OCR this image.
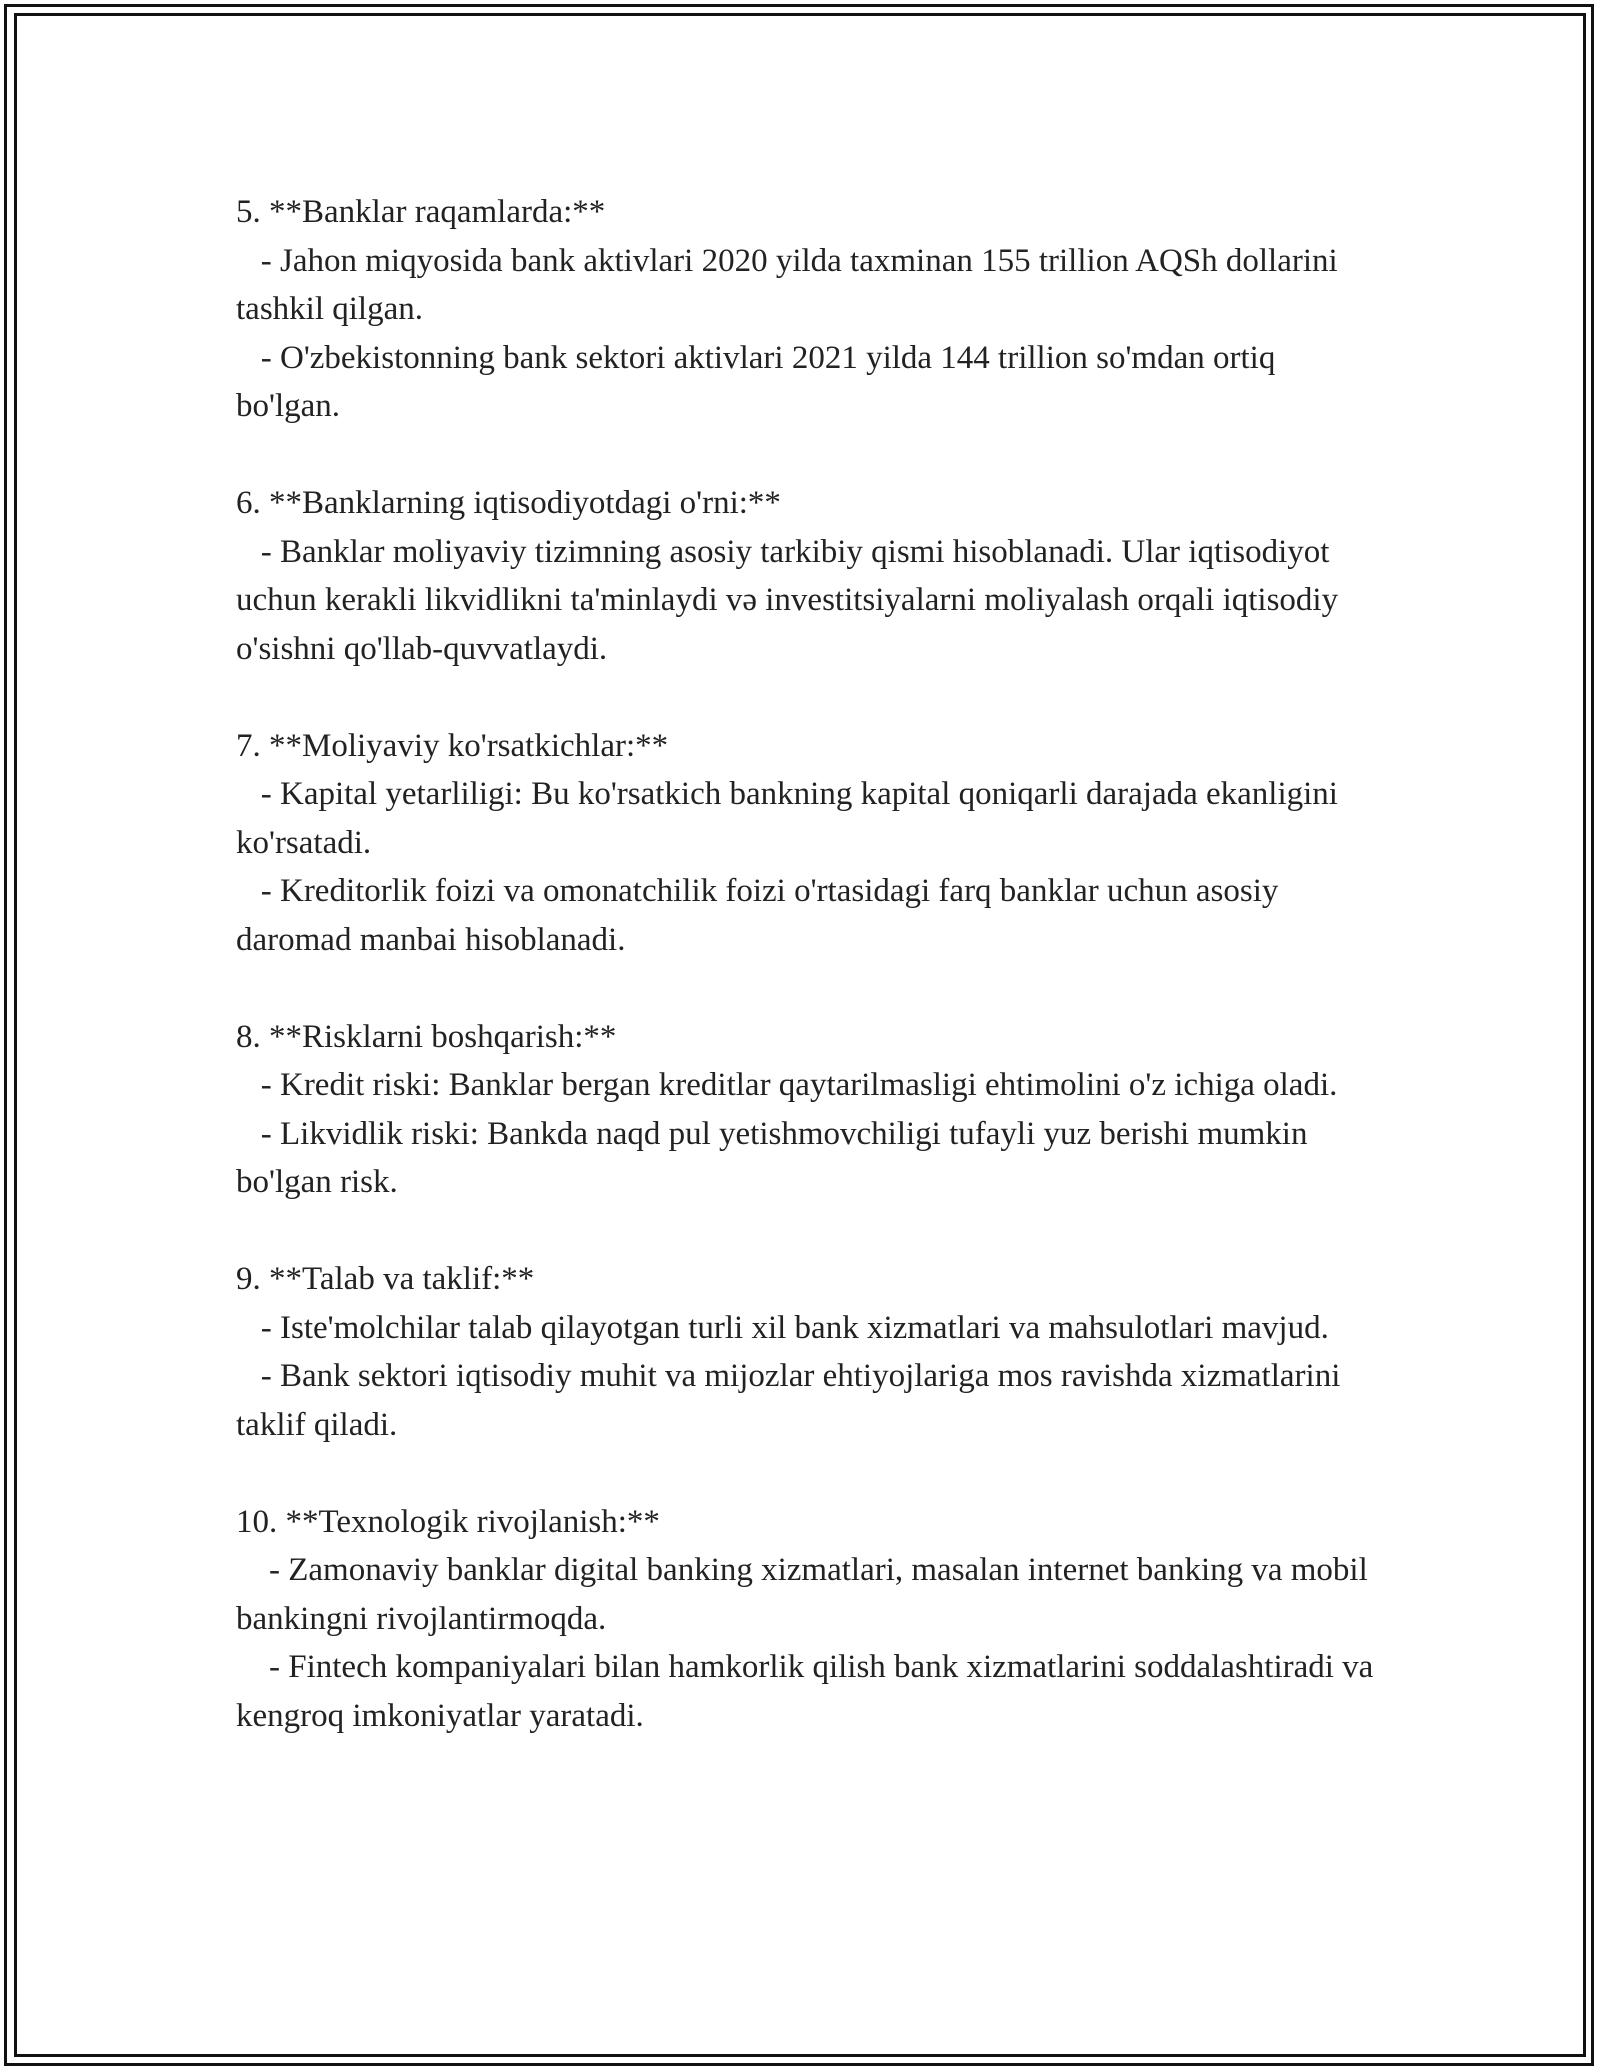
5. **Banklar raqamlarda:**

- Jahon miqyosida bank aktivlari 2020 yilda taxminan 155 trillion AQSh dollarini tashkil qilgan.

- O'zbekistonning bank sektori aktivlari 2021 yilda 144 trillion so'mdan ortiq bo'lgan.

6. **Banklarning iqtisodiyotdagi o'rni:**

- Banklar moliyaviy tizimning asosiy tarkibiy qismi hisoblanadi. Ular iqtisodiyot uchun kerakli likvidlikni ta'minlaydi və investitsiyalarni moliyalash orqali iqtisodiy o'sishni qo'llab-quvvatlaydi.

7. **Moliyaviy ko'rsatkichlar:**

- Kapital yetarliligi: Bu ko'rsatkich bankning kapital qoniqarli darajada ekanligini ko'rsatadi.

- Kreditorlik foizi va omonatchilik foizi o'rtasidagi farq banklar uchun asosiy daromad manbai hisoblanadi.

8. **Risklarni boshqarish:**

- Kredit riski: Banklar bergan kreditlar qaytarilmasligi ehtimolini o'z ichiga oladi.

- Likvidlik riski: Bankda naqd pul yetishmovchiligi tufayli yuz berishi mumkin bo'lgan risk.

9. **Talab va taklif:**

- Iste'molchilar talab qilayotgan turli xil bank xizmatlari va mahsulotlari mavjud.

- Bank sektori iqtisodiy muhit va mijozlar ehtiyojlariga mos ravishda xizmatlarini taklif qiladi.

10. **Texnologik rivojlanish:**

- Zamonaviy banklar digital banking xizmatlari, masalan internet banking va mobil bankingni rivojlantirmoqda.

- Fintech kompaniyalari bilan hamkorlik qilish bank xizmatlarini soddalashtiradi va kengroq imkoniyatlar yaratadi.
